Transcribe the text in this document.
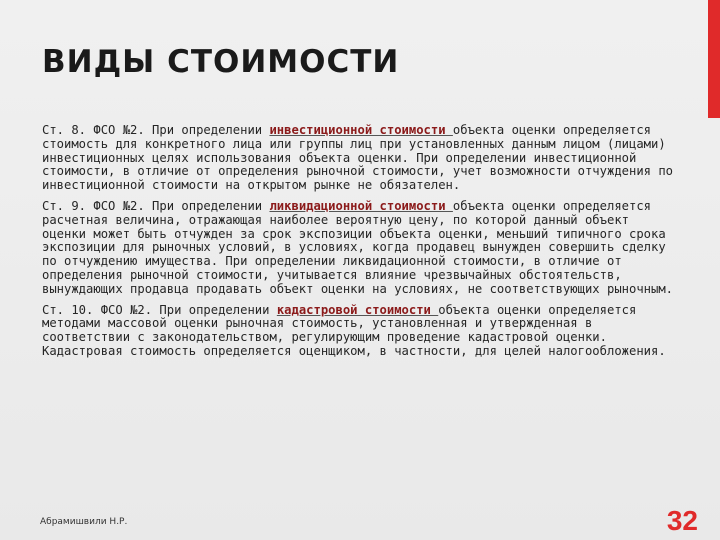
ВИДЫ СТОИМОСТИ

Ст. 8. ФСО №2. При определении инвестиционной стоимости объекта оценки определяется стоимость для конкретного лица или группы лиц при установленных данным лицом (лицами) инвестиционных целях использования объекта оценки. При определении инвестиционной стоимости, в отличие от определения рыночной стоимости, учет возможности отчуждения по инвестиционной стоимости на открытом рынке не обязателен.

Ст. 9. ФСО №2. При определении ликвидационной стоимости объекта оценки определяется расчетная величина, отражающая наиболее вероятную цену, по которой данный объект оценки может быть отчужден за срок экспозиции объекта оценки, меньший типичного срока экспозиции для рыночных условий, в условиях, когда продавец вынужден совершить сделку по отчуждению имущества. При определении ликвидационной стоимости, в отличие от определения рыночной стоимости, учитывается влияние чрезвычайных обстоятельств, вынуждающих продавца продавать объект оценки на условиях, не соответствующих рыночным.

Ст. 10. ФСО №2. При определении кадастровой стоимости объекта оценки определяется методами массовой оценки рыночная стоимость, установленная и утвержденная в соответствии с законодательством, регулирующим проведение кадастровой оценки. Кадастровая стоимость определяется оценщиком, в частности, для целей налогообложения.

Абрамишвили Н.Р.	32
